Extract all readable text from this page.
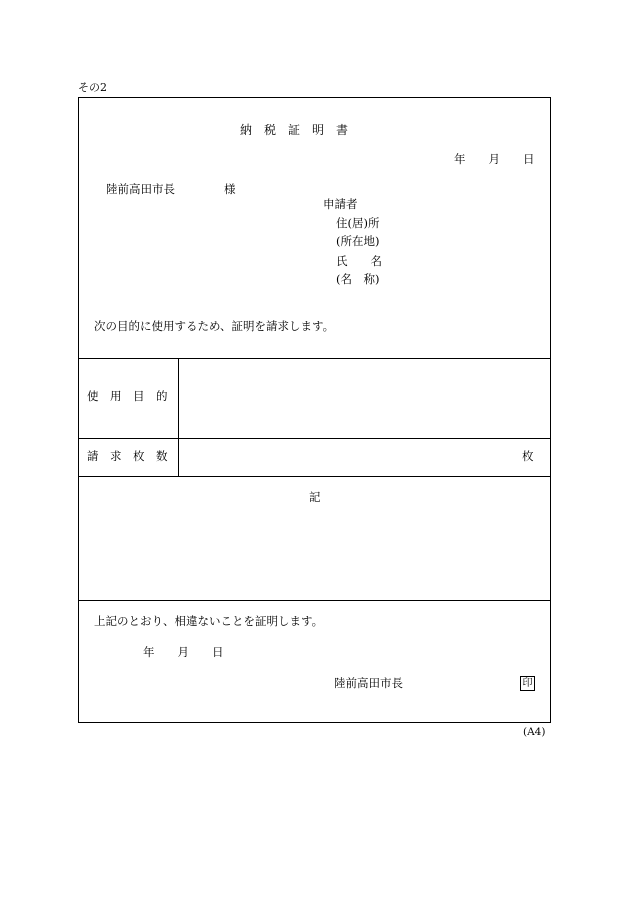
その2
納　税　証　明　書
年　　月　　日
陸前高田市長	様
申請者
住(居)所
(所在地)
氏　　名
(名　称)
次の目的に使用するため、証明を請求します。
使　用　目　的
請　求　枚　数	枚
記
上記のとおり、相違ないことを証明します。
年　　月　　日
陸前高田市長	印
(A4)
